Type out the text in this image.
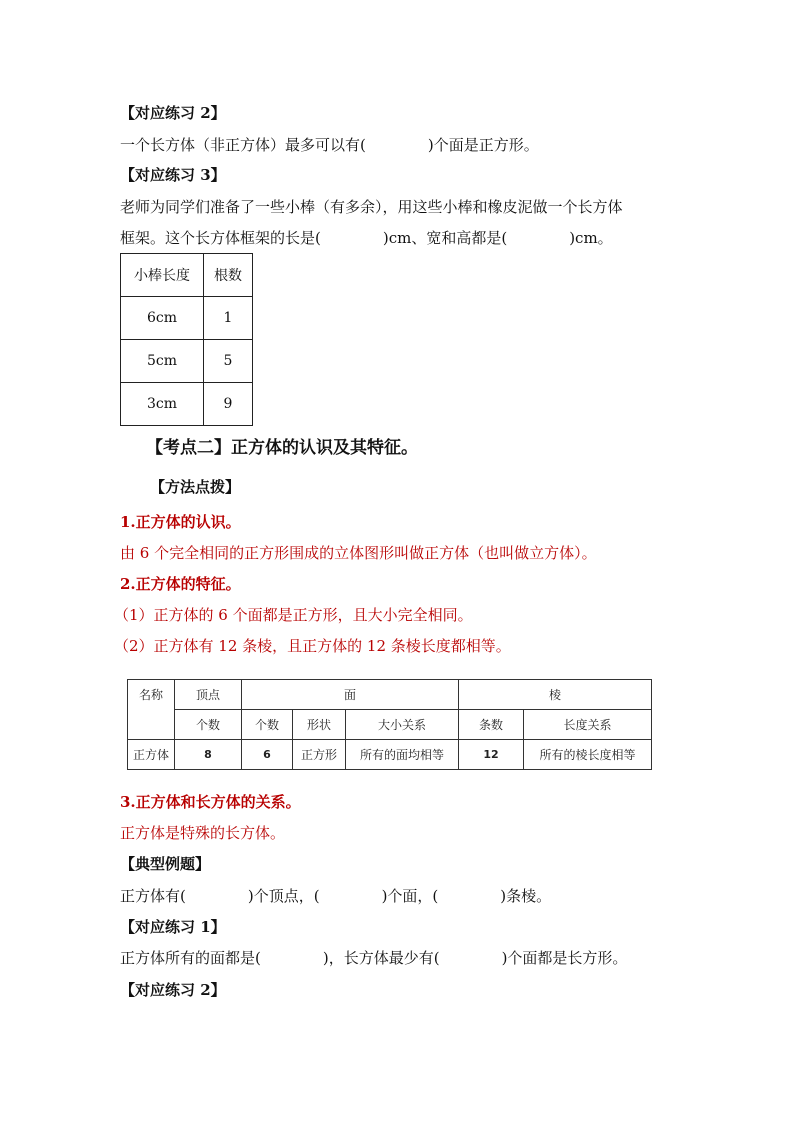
【对应练习 2】
一个长方体（非正方体）最多可以有(	)个面是正方形。
【对应练习 3】
老师为同学们准备了一些小棒（有多余），用这些小棒和橡皮泥做一个长方体
框架。这个长方体框架的长是(	)cm、宽和高都是(	)cm。
小棒长度	根数
6cm	1
5cm	5
3cm	9
【考点二】正方体的认识及其特征。
【方法点拨】
1.正方体的认识。
由 6 个完全相同的正方形围成的立体图形叫做正方体（也叫做立方体）。
2.正方体的特征。
（1）正方体的 6 个面都是正方形，且大小完全相同。
（2）正方体有 12 条棱，且正方体的 12 条棱长度都相等。
名称	顶点	面			棱	
	个数	个数	形状	大小关系	条数	长度关系
正方体	8	6	正方形	所有的面均相等	12	所有的棱长度相等
3.正方体和长方体的关系。
正方体是特殊的长方体。
【典型例题】
正方体有(	)个顶点，(	)个面，(	)条棱。
【对应练习 1】
正方体所有的面都是(	)，长方体最少有(	)个面都是长方形。
【对应练习 2】
